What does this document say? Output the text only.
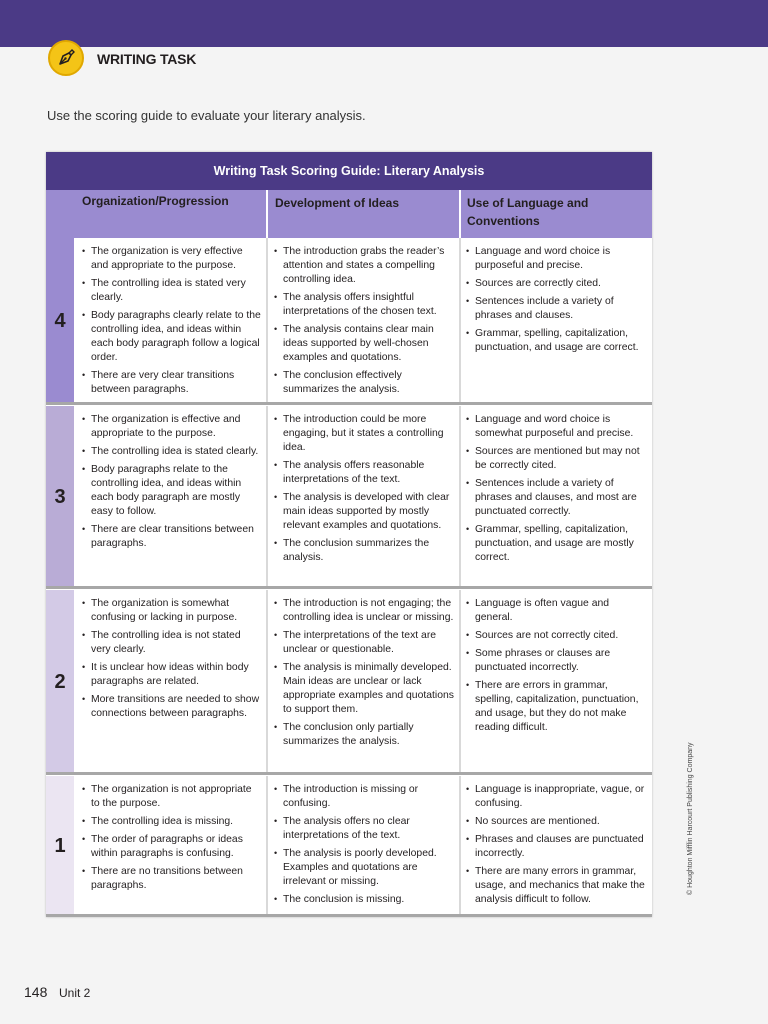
WRITING TASK
Use the scoring guide to evaluate your literary analysis.
Writing Task Scoring Guide: Literary Analysis
Organization/Progression	Development of Ideas	Use of Language and Conventions
4
• The organization is very effective and appropriate to the purpose.
• The controlling idea is stated very clearly.
• Body paragraphs clearly relate to the controlling idea, and ideas within each body paragraph follow a logical order.
• There are very clear transitions between paragraphs.
• The introduction grabs the reader’s attention and states a compelling controlling idea.
• The analysis offers insightful interpretations of the chosen text.
• The analysis contains clear main ideas supported by well-chosen examples and quotations.
• The conclusion effectively summarizes the analysis.
• Language and word choice is purposeful and precise.
• Sources are correctly cited.
• Sentences include a variety of phrases and clauses.
• Grammar, spelling, capitalization, punctuation, and usage are correct.
3
• The organization is effective and appropriate to the purpose.
• The controlling idea is stated clearly.
• Body paragraphs relate to the controlling idea, and ideas within each body paragraph are mostly easy to follow.
• There are clear transitions between paragraphs.
• The introduction could be more engaging, but it states a controlling idea.
• The analysis offers reasonable interpretations of the text.
• The analysis is developed with clear main ideas supported by mostly relevant examples and quotations.
• The conclusion summarizes the analysis.
• Language and word choice is somewhat purposeful and precise.
• Sources are mentioned but may not be correctly cited.
• Sentences include a variety of phrases and clauses, and most are punctuated correctly.
• Grammar, spelling, capitalization, punctuation, and usage are mostly correct.
2
• The organization is somewhat confusing or lacking in purpose.
• The controlling idea is not stated very clearly.
• It is unclear how ideas within body paragraphs are related.
• More transitions are needed to show connections between paragraphs.
• The introduction is not engaging; the controlling idea is unclear or missing.
• The interpretations of the text are unclear or questionable.
• The analysis is minimally developed. Main ideas are unclear or lack appropriate examples and quotations to support them.
• The conclusion only partially summarizes the analysis.
• Language is often vague and general.
• Sources are not correctly cited.
• Some phrases or clauses are punctuated incorrectly.
• There are errors in grammar, spelling, capitalization, punctuation, and usage, but they do not make reading difficult.
1
• The organization is not appropriate to the purpose.
• The controlling idea is missing.
• The order of paragraphs or ideas within paragraphs is confusing.
• There are no transitions between paragraphs.
• The introduction is missing or confusing.
• The analysis offers no clear interpretations of the text.
• The analysis is poorly developed. Examples and quotations are irrelevant or missing.
• The conclusion is missing.
• Language is inappropriate, vague, or confusing.
• No sources are mentioned.
• Phrases and clauses are punctuated incorrectly.
• There are many errors in grammar, usage, and mechanics that make the analysis difficult to follow.
© Houghton Mifflin Harcourt Publishing Company
148 Unit 2
